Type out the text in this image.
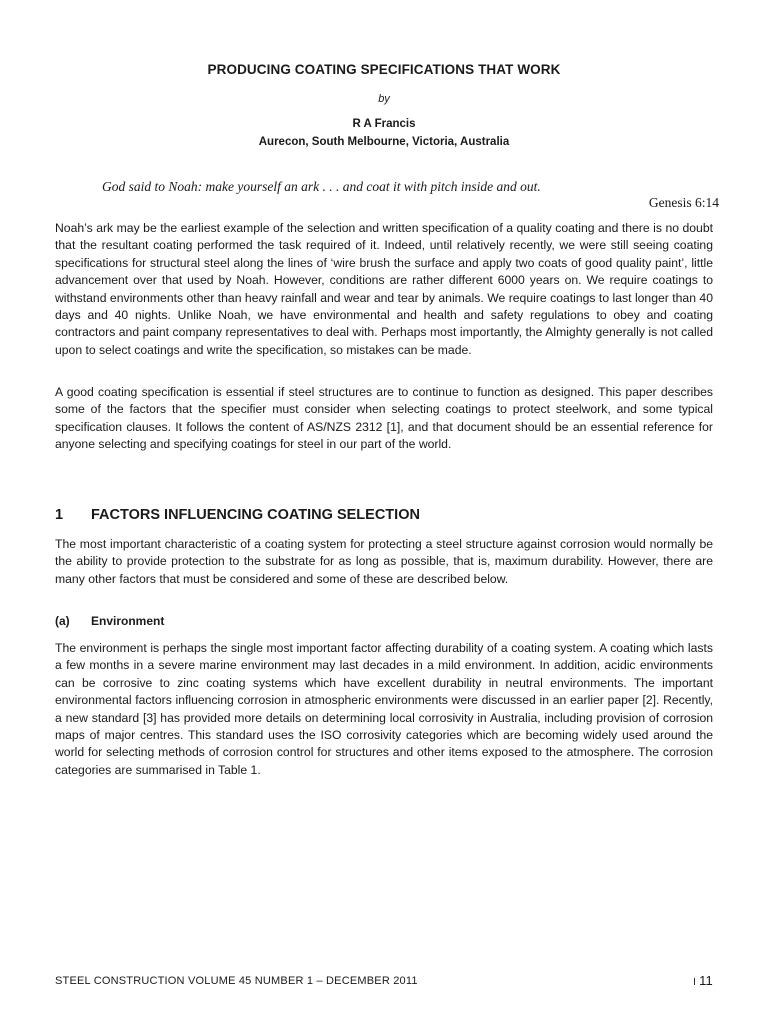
PRODUCING COATING SPECIFICATIONS THAT WORK
by
R A Francis
Aurecon, South Melbourne, Victoria, Australia
God said to Noah: make yourself an ark . . . and coat it with pitch inside and out.
Genesis 6:14

Noah’s ark may be the earliest example of the selection and written specification of a quality coating and there is no doubt that the resultant coating performed the task required of it. Indeed, until relatively recently, we were still seeing coating specifications for structural steel along the lines of ‘wire brush the surface and apply two coats of good quality paint’, little advancement over that used by Noah. However, conditions are rather different 6000 years on. We require coatings to withstand environments other than heavy rainfall and wear and tear by animals. We require coatings to last longer than 40 days and 40 nights. Unlike Noah, we have environmental and health and safety regulations to obey and coating contractors and paint company representatives to deal with. Perhaps most importantly, the Almighty generally is not called upon to select coatings and write the specification, so mistakes can be made.

A good coating specification is essential if steel structures are to continue to function as designed. This paper describes some of the factors that the specifier must consider when selecting coatings to protect steelwork, and some typical specification clauses. It follows the content of AS/NZS 2312 [1], and that document should be an essential reference for anyone selecting and specifying coatings for steel in our part of the world.

1 FACTORS INFLUENCING COATING SELECTION

The most important characteristic of a coating system for protecting a steel structure against corrosion would normally be the ability to provide protection to the substrate for as long as possible, that is, maximum durability. However, there are many other factors that must be considered and some of these are described below.

(a) Environment

The environment is perhaps the single most important factor affecting durability of a coating system. A coating which lasts a few months in a severe marine environment may last decades in a mild environment. In addition, acidic environments can be corrosive to zinc coating systems which have excellent durability in neutral environments. The important environmental factors influencing corrosion in atmospheric environments were discussed in an earlier paper [2]. Recently, a new standard [3] has provided more details on determining local corrosivity in Australia, including provision of corrosion maps of major centres. This standard uses the ISO corrosivity categories which are becoming widely used around the world for selecting methods of corrosion control for structures and other items exposed to the atmosphere. The corrosion categories are summarised in Table 1.

STEEL CONSTRUCTION VOLUME 45 NUMBER 1 – DECEMBER 2011	I 11
